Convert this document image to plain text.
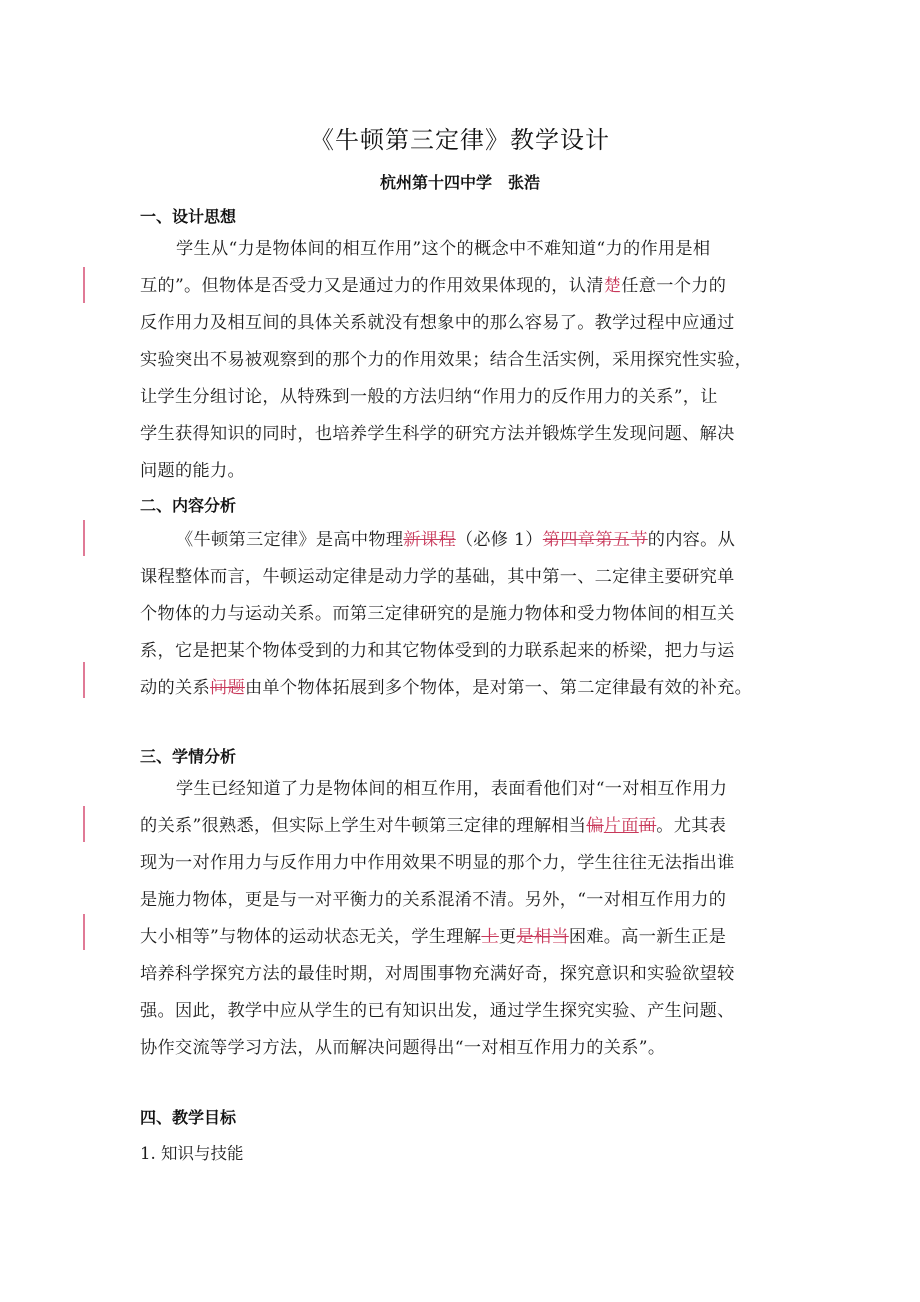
《牛顿第三定律》教学设计
杭州第十四中学　张浩
一、设计思想
学生从“力是物体间的相互作用”这个的概念中不难知道“力的作用是相
互的”。但物体是否受力又是通过力的作用效果体现的，认清楚任意一个力的
反作用力及相互间的具体关系就没有想象中的那么容易了。教学过程中应通过
实验突出不易被观察到的那个力的作用效果；结合生活实例，采用探究性实验，
让学生分组讨论，从特殊到一般的方法归纳“作用力的反作用力的关系”，让
学生获得知识的同时，也培养学生科学的研究方法并锻炼学生发现问题、解决
问题的能力。
二、内容分析
《牛顿第三定律》是高中物理新课程（必修 1）第四章第五节的内容。从
课程整体而言，牛顿运动定律是动力学的基础，其中第一、二定律主要研究单
个物体的力与运动关系。而第三定律研究的是施力物体和受力物体间的相互关
系，它是把某个物体受到的力和其它物体受到的力联系起来的桥梁，把力与运
动的关系问题由单个物体拓展到多个物体，是对第一、第二定律最有效的补充。
三、学情分析
学生已经知道了力是物体间的相互作用，表面看他们对“一对相互作用力
的关系”很熟悉，但实际上学生对牛顿第三定律的理解相当偏片面面。尤其表
现为一对作用力与反作用力中作用效果不明显的那个力，学生往往无法指出谁
是施力物体，更是与一对平衡力的关系混淆不清。另外，“一对相互作用力的
大小相等”与物体的运动状态无关，学生理解上更是相当困难。高一新生正是
培养科学探究方法的最佳时期，对周围事物充满好奇，探究意识和实验欲望较
强。因此，教学中应从学生的已有知识出发，通过学生探究实验、产生问题、
协作交流等学习方法，从而解决问题得出“一对相互作用力的关系”。
四、教学目标
1. 知识与技能
